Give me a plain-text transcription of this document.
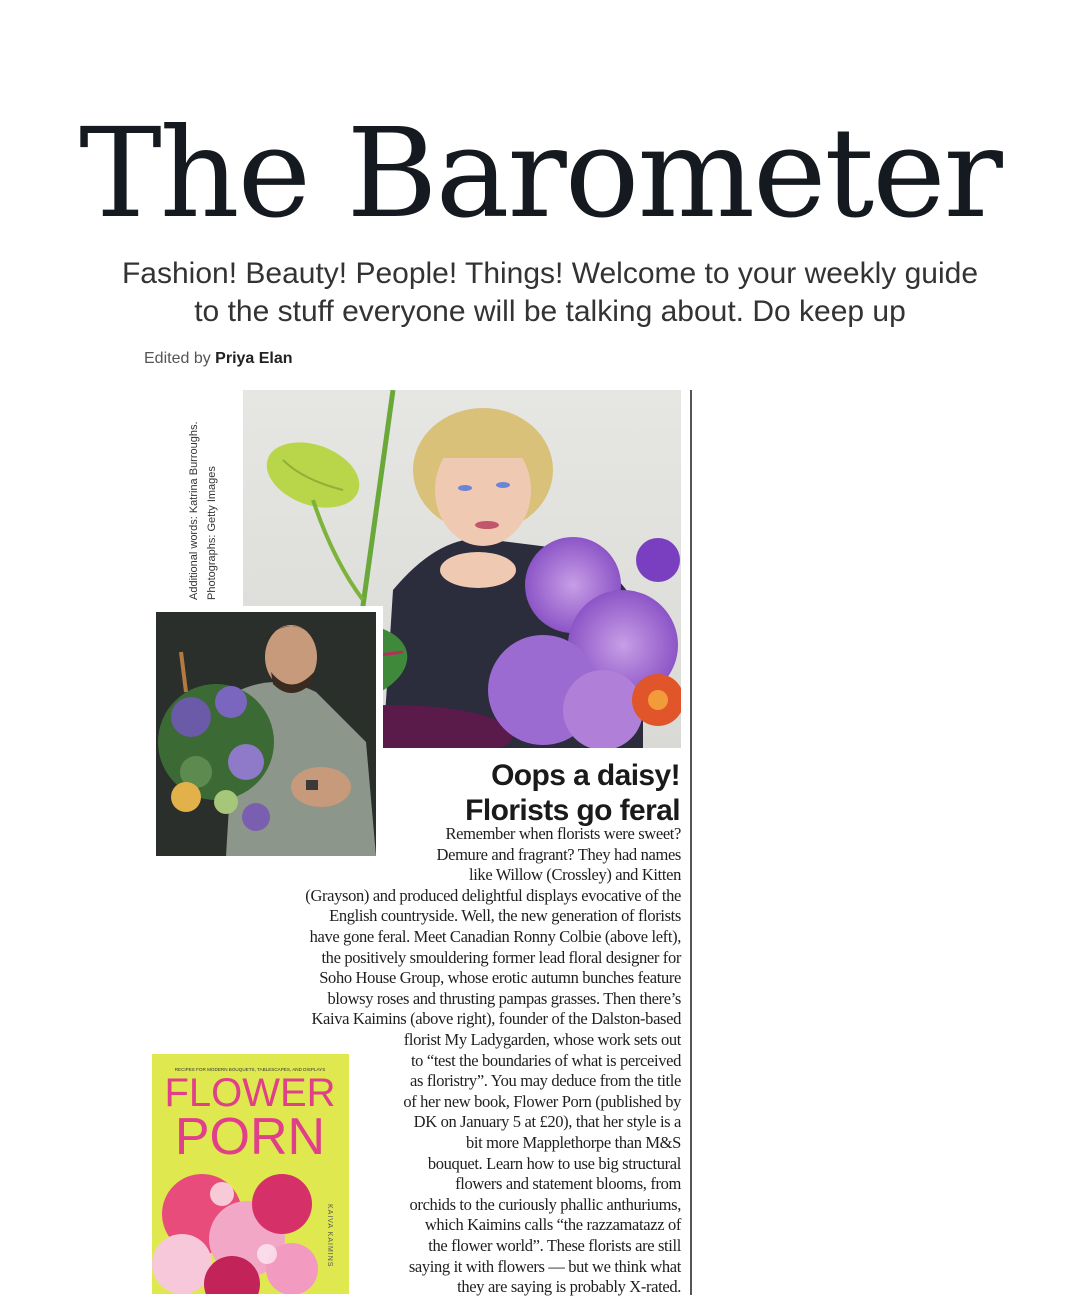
The Barometer
Fashion! Beauty! People! Things! Welcome to your weekly guide
to the stuff everyone will be talking about. Do keep up
Edited by Priya Elan
Additional words: Katrina Burroughs. Photographs: Getty Images
RECIPES FOR MODERN BOUQUETS, TABLESCAPES, AND DISPLAYS
FLOWER
PORN
KAIVA KAIMINS
Oops a daisy!
Florists go feral
Remember when florists were sweet?
Demure and fragrant? They had names
like Willow (Crossley) and Kitten
(Grayson) and produced delightful displays evocative of the
English countryside. Well, the new generation of florists
have gone feral. Meet Canadian Ronny Colbie (above left),
the positively smouldering former lead floral designer for
Soho House Group, whose erotic autumn bunches feature
blowsy roses and thrusting pampas grasses. Then there’s
Kaiva Kaimins (above right), founder of the Dalston-based
florist My Ladygarden, whose work sets out
to “test the boundaries of what is perceived
as floristry”. You may deduce from the title
of her new book, Flower Porn (published by
DK on January 5 at £20), that her style is a
bit more Mapplethorpe than M&S
bouquet. Learn how to use big structural
flowers and statement blooms, from
orchids to the curiously phallic anthuriums,
which Kaimins calls “the razzamatazz of
the flower world”. These florists are still
saying it with flowers — but we think what
they are saying is probably X-rated.
